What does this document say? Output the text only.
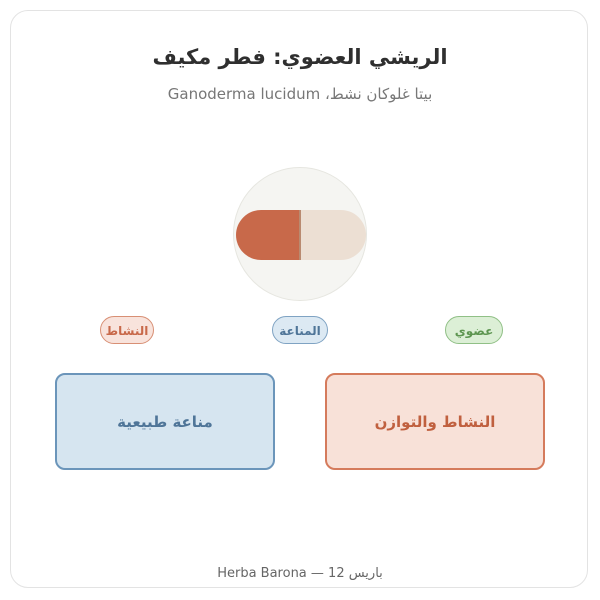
الريشي العضوي: فطر مكيف
بيتا غلوكان نشط، Ganoderma lucidum
النشاط	المناعة	عضوي
مناعة طبيعية	النشاط والتوازن
Herba Barona — باريس 12
